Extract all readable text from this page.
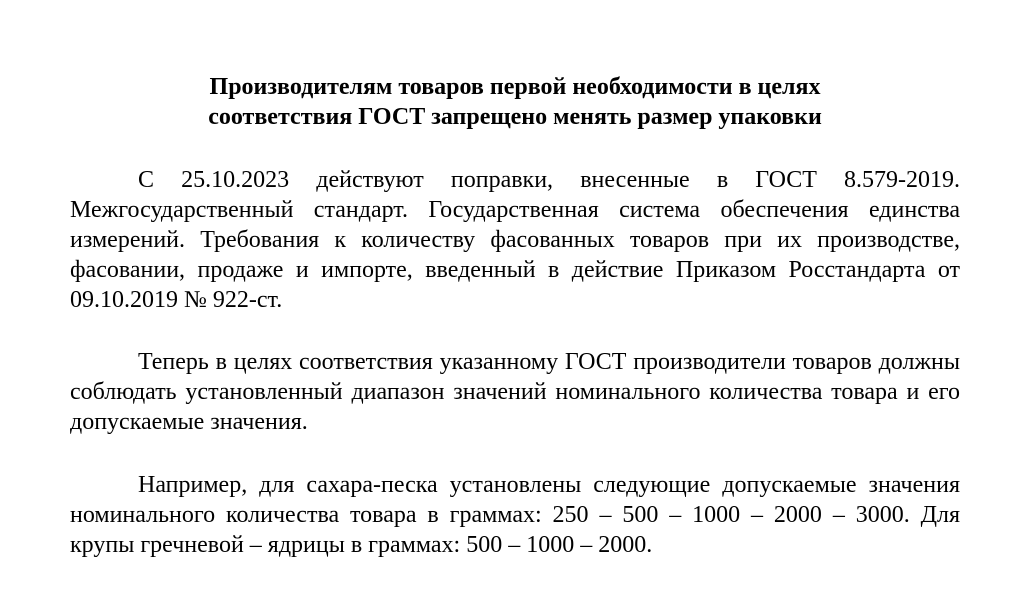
Производителям товаров первой необходимости в целях
соответствия ГОСТ запрещено менять размер упаковки

С 25.10.2023 действуют поправки, внесенные в ГОСТ 8.579-2019. Межгосударственный стандарт. Государственная система обеспечения единства измерений. Требования к количеству фасованных товаров при их производстве, фасовании, продаже и импорте, введенный в действие Приказом Росстандарта от 09.10.2019 № 922-ст.

Теперь в целях соответствия указанному ГОСТ производители товаров должны соблюдать установленный диапазон значений номинального количества товара и его допускаемые значения.

Например, для сахара-песка установлены следующие допускаемые значения номинального количества товара в граммах: 250 – 500 – 1000 – 2000 – 3000. Для крупы гречневой – ядрицы в граммах: 500 – 1000 – 2000.
